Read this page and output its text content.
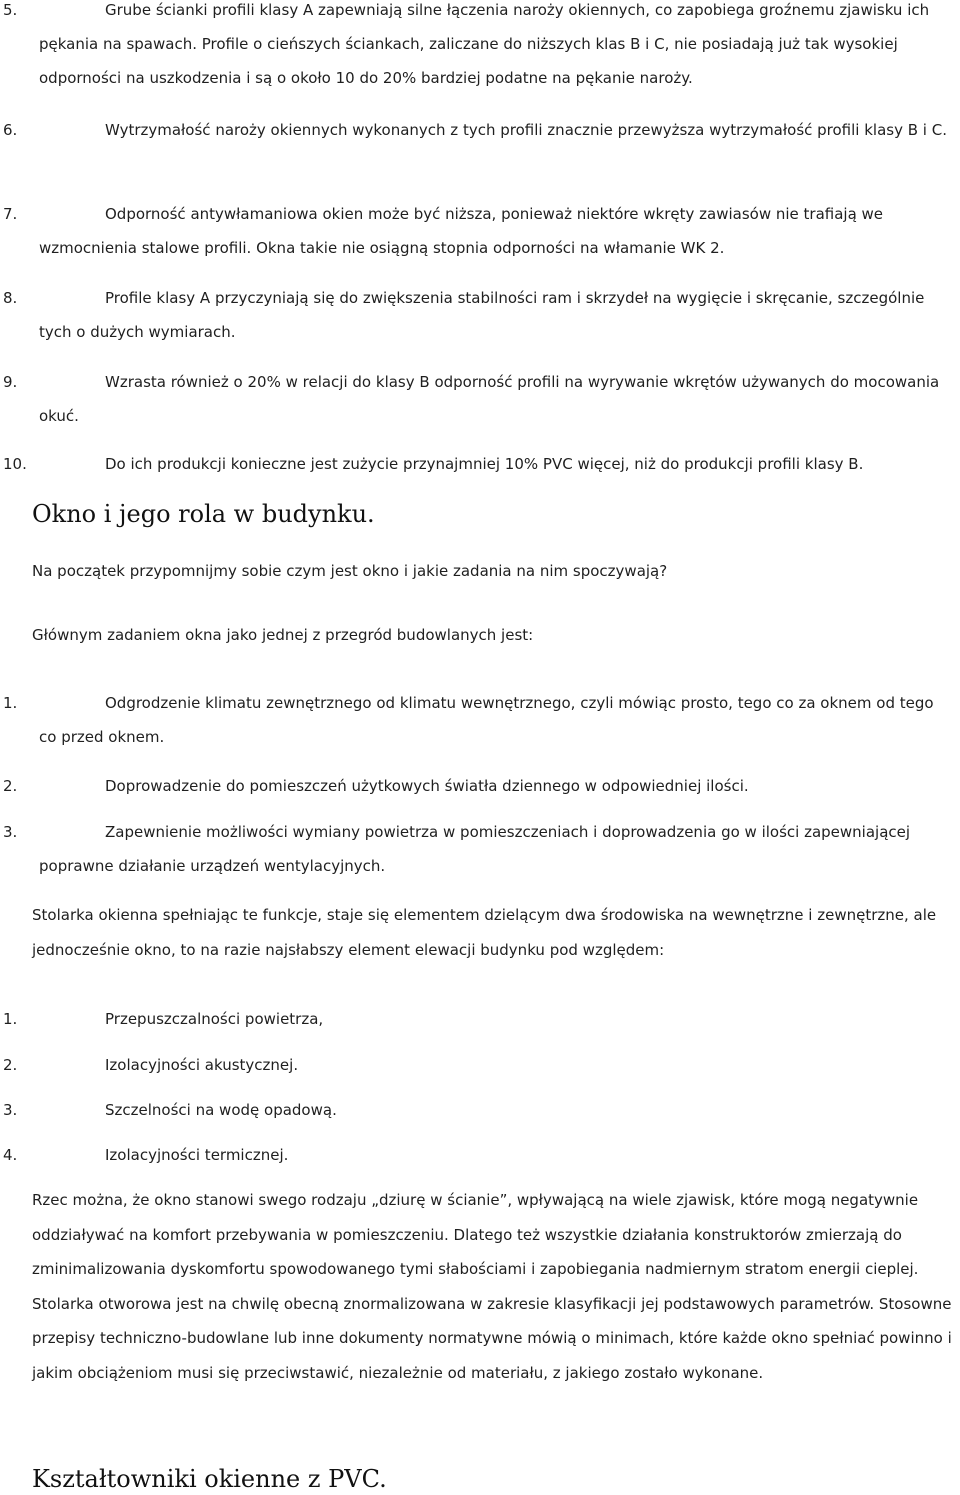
5.	Grube ścianki profili klasy A zapewniają silne łączenia naroży okiennych, co zapobiega groźnemu zjawisku ich pękania na spawach. Profile o cieńszych ściankach, zaliczane do niższych klas B i C, nie posiadają już tak wysokiej odporności na uszkodzenia i są o około 10 do 20% bardziej podatne na pękanie naroży.
6.	Wytrzymałość naroży okiennych wykonanych z tych profili znacznie przewyższa wytrzymałość profili klasy B i C.
7.	Odporność antywłamaniowa okien może być niższa, ponieważ niektóre wkręty zawiasów nie trafiają we wzmocnienia stalowe profili. Okna takie nie osiągną stopnia odporności na włamanie WK 2.
8.	Profile klasy A przyczyniają się do zwiększenia stabilności ram i skrzydeł na wygięcie i skręcanie, szczególnie tych o dużych wymiarach.
9.	Wzrasta również o 20% w relacji do klasy B odporność profili na wyrywanie wkrętów używanych do mocowania okuć.
10.	Do ich produkcji konieczne jest zużycie przynajmniej 10% PVC więcej, niż do produkcji profili klasy B.
Okno i jego rola w budynku.
Na początek przypomnijmy sobie czym jest okno i jakie zadania na nim spoczywają?
Głównym zadaniem okna jako jednej z przegród budowlanych jest:
1.	Odgrodzenie klimatu zewnętrznego od klimatu wewnętrznego, czyli mówiąc prosto, tego co za oknem od tego co przed oknem.
2.	Doprowadzenie do pomieszczeń użytkowych światła dziennego w odpowiedniej ilości.
3.	Zapewnienie możliwości wymiany powietrza w pomieszczeniach i doprowadzenia go w ilości zapewniającej poprawne działanie urządzeń wentylacyjnych.
Stolarka okienna spełniając te funkcje, staje się elementem dzielącym dwa środowiska na wewnętrzne i zewnętrzne, ale jednocześnie okno, to na razie najsłabszy element elewacji budynku pod względem:
1.	Przepuszczalności powietrza,
2.	Izolacyjności akustycznej.
3.	Szczelności na wodę opadową.
4.	Izolacyjności termicznej.
Rzec można, że okno stanowi swego rodzaju „dziurę w ścianie”, wpływającą na wiele zjawisk, które mogą negatywnie oddziaływać na komfort przebywania w pomieszczeniu. Dlatego też wszystkie działania konstruktorów zmierzają do zminimalizowania dyskomfortu spowodowanego tymi słabościami i zapobiegania nadmiernym stratom energii cieplej. Stolarka otworowa jest na chwilę obecną znormalizowana w zakresie klasyfikacji jej podstawowych parametrów. Stosowne przepisy techniczno-budowlane lub inne dokumenty normatywne mówią o minimach, które każde okno spełniać powinno i jakim obciążeniom musi się przeciwstawić, niezależnie od materiału, z jakiego zostało wykonane.
Kształtowniki okienne z PVC.
